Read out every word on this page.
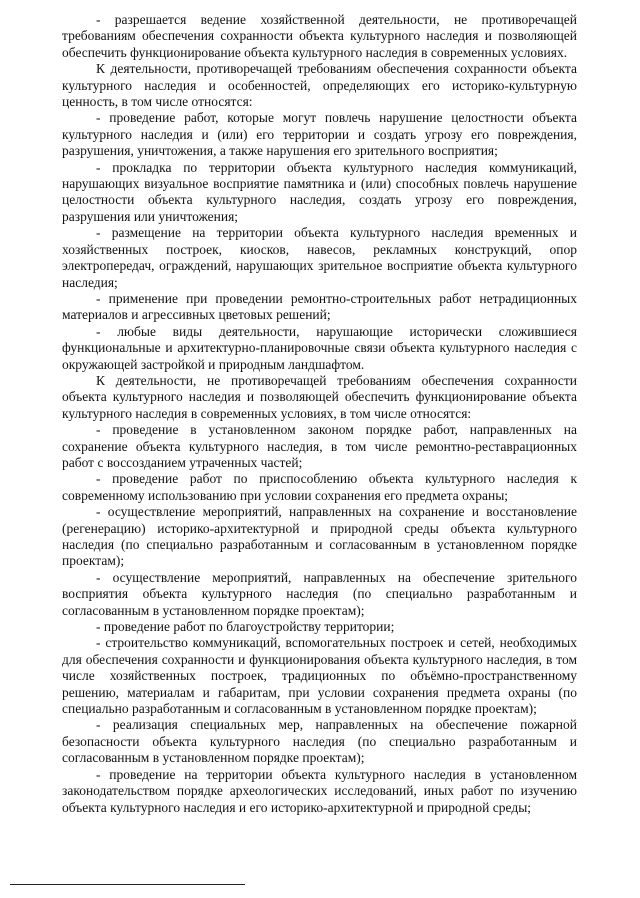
- разрешается ведение хозяйственной деятельности, не противоречащей требованиям обеспечения сохранности объекта культурного наследия и позволяющей обеспечить функционирование объекта культурного наследия в современных условиях.

К деятельности, противоречащей требованиям обеспечения сохранности объекта культурного наследия и особенностей, определяющих его историко-культурную ценность, в том числе относятся:

- проведение работ, которые могут повлечь нарушение целостности объекта культурного наследия и (или) его территории и создать угрозу его повреждения, разрушения, уничтожения, а также нарушения его зрительного восприятия;

- прокладка по территории объекта культурного наследия коммуникаций, нарушающих визуальное восприятие памятника и (или) способных повлечь нарушение целостности объекта культурного наследия, создать угрозу его повреждения, разрушения или уничтожения;

- размещение на территории объекта культурного наследия временных и хозяйственных построек, киосков, навесов, рекламных конструкций, опор электропередач, ограждений, нарушающих зрительное восприятие объекта культурного наследия;

- применение при проведении ремонтно-строительных работ нетрадиционных материалов и агрессивных цветовых решений;

- любые виды деятельности, нарушающие исторически сложившиеся функциональные и архитектурно-планировочные связи объекта культурного наследия с окружающей застройкой и природным ландшафтом.

К деятельности, не противоречащей требованиям обеспечения сохранности объекта культурного наследия и позволяющей обеспечить функционирование объекта культурного наследия в современных условиях, в том числе относятся:

- проведение в установленном законом порядке работ, направленных на сохранение объекта культурного наследия, в том числе ремонтно-реставрационных работ с воссозданием утраченных частей;

- проведение работ по приспособлению объекта культурного наследия к современному использованию при условии сохранения его предмета охраны;

- осуществление мероприятий, направленных на сохранение и восстановление (регенерацию) историко-архитектурной и природной среды объекта культурного наследия (по специально разработанным и согласованным в установленном порядке проектам);

- осуществление мероприятий, направленных на обеспечение зрительного восприятия объекта культурного наследия (по специально разработанным и согласованным в установленном порядке проектам);

- проведение работ по благоустройству территории;

- строительство коммуникаций, вспомогательных построек и сетей, необходимых для обеспечения сохранности и функционирования объекта культурного наследия, в том числе хозяйственных построек, традиционных по объёмно-пространственному решению, материалам и габаритам, при условии сохранения предмета охраны (по специально разработанным и согласованным в установленном порядке проектам);

- реализация специальных мер, направленных на обеспечение пожарной безопасности объекта культурного наследия (по специально разработанным и согласованным в установленном порядке проектам);

- проведение на территории объекта культурного наследия в установленном законодательством порядке археологических исследований, иных работ по изучению объекта культурного наследия и его историко-архитектурной и природной среды;
